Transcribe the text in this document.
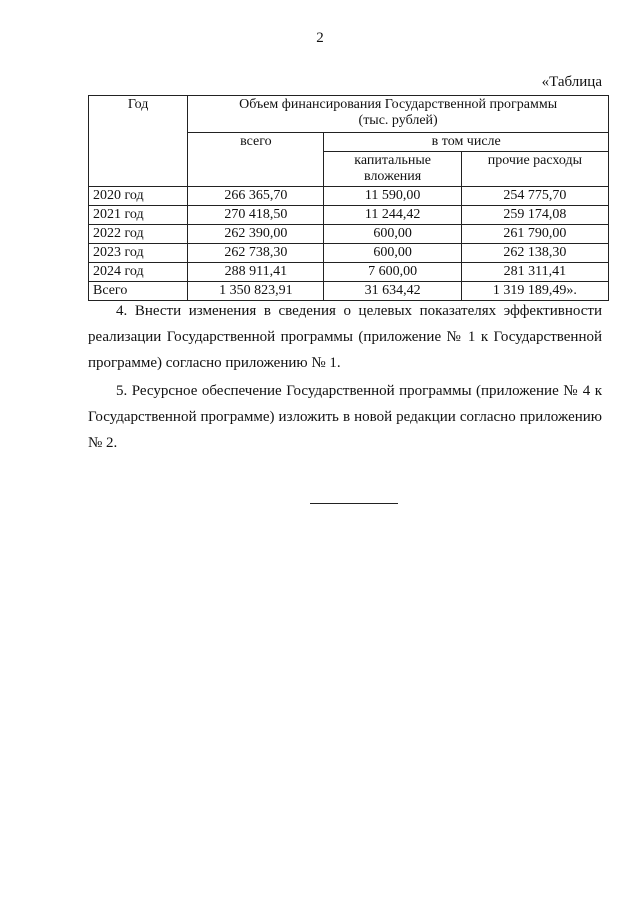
2
«Таблица
Год	Объем финансирования Государственной программы
(тыс. рублей)		
	всего	в том числе	
		капитальные вложения	прочие расходы
2020 год	266 365,70	11 590,00	254 775,70
2021 год	270 418,50	11 244,42	259 174,08
2022 год	262 390,00	600,00	261 790,00
2023 год	262 738,30	600,00	262 138,30
2024 год	288 911,41	7 600,00	281 311,41
Всего	1 350 823,91	31 634,42	1 319 189,49».
4. Внести изменения в сведения о целевых показателях эффективности реализации Государственной программы (приложение № 1 к Государственной программе) согласно приложению № 1.
5. Ресурсное обеспечение Государственной программы (приложение № 4 к Государственной программе) изложить в новой редакции согласно приложению № 2.
